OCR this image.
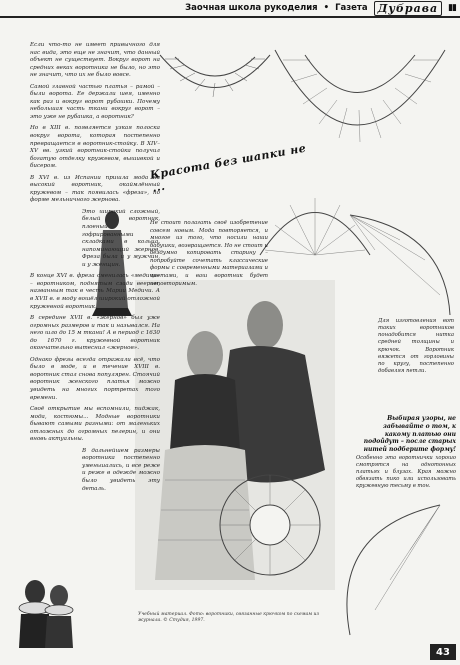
Заочная школа рукоделия • Газета Дубрава	▮▮

Если что-то не имеет привычного для нас вида, это еще не значит, что данный объект не существует. Вокруг ворот на средних веках воротника не было, но это не значит, что их не было вовсе.

Самой главной частью платья – рамой – были ворота. Ее держали шея, именно как раз и вокруг ворот рубашки. Почему небольшая часть ткани вокруг ворот – это уже не рубашка, а воротник?

Но в XIII в. появляется узкая полоска вокруг ворота, которая постепенно превращается в воротник-стойку. В XIV–XV вв. узкий воротник-стойка получил богатую отделку кружевом, вышивкой и бисером.

В XVI в. из Испании пришла мода на высокий воротник, окаймлённый кружевом – так появилась «фреза», по форме мельничного жернова.

Это широкий сложный, белый воротник, плоеный гофрированными складками в кольца, напоминающий жернов. Фреза была и у мужчин, и у женщин.

В конце XVI в. фреза сменилась «медичи» – воротником, поднятым сзади веером, названным так в честь Марии Медичи. А в XVII в. в моду вошёл широкий отложной кружевной воротник.

В середине XVII в. «жернов» был уже огромных размеров и так и назывался. На него шло до 15 м ткани! А в период с 1630 до 1670 г. кружевной воротник окончательно вытеснил «жернов».

Однако фрезы всегда отражали всё, что было в моде, и в течение XVIII в. воротник стал снова популярен. Стоячий воротник женского платья можно увидеть на многих портретах того времени.

Своё открытие мы вспомнили, пиджак, мода, костюмы... Модные воротники бывают самыми разными: от маленьких отложных до огромных пелерин, и они вновь актуальны.

В дальнейшем размеры воротника постепенно уменьшались, и все реже и реже в одежде можно было увидеть эту деталь.

Красота без шапки не ...
Не стоит полагать своё изобретение совсем новым. Мода повторяется, и многое из того, что носили наши бабушки, возвращается. Но не стоит и бездумно копировать старину – попробуйте сочетать классические формы с современными материалами и цветами, и ваш воротник будет неповторимым.
Для изготовления вот таких воротников понадобится нитка средней толщины и крючок. Воротник вяжется от горловины по кругу, постепенно добавляя петли.
Выбирая узоры, не забывайте о том, к какому платью они подойдут – после старых нитей подберите форму!
Особенно эта воротнички хорошо смотрятся на однотонных платьях и блузах. Края можно обвязать пико или использовать кружевную тесьму в тон.
Учебный материал. Фото: воротники, связанные крючком по схемам из журнала. © Студия, 1997.
43
